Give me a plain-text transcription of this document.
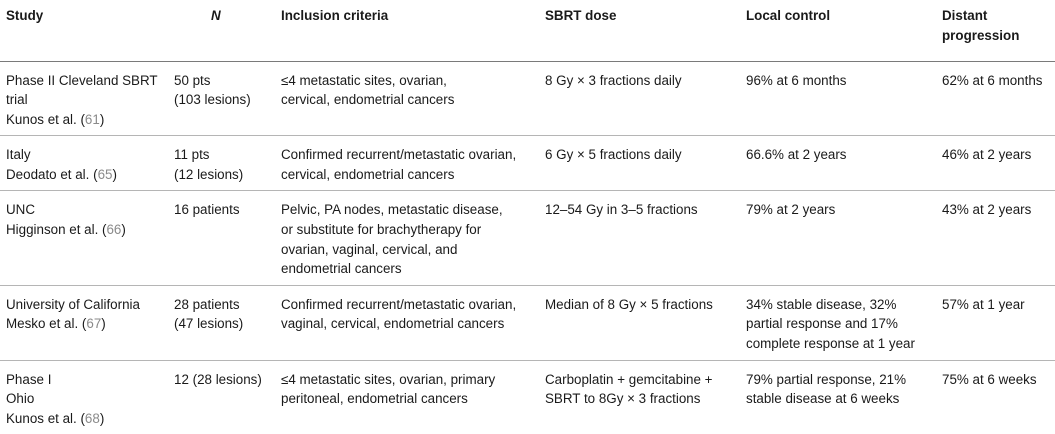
Study	N	Inclusion criteria	SBRT dose	Local control	Distant
progression

Phase II Cleveland SBRT
trial
Kunos et al. (61)	50 pts
(103 lesions)	≤4 metastatic sites, ovarian,
cervical, endometrial cancers	8 Gy × 3 fractions daily	96% at 6 months	62% at 6 months

Italy
Deodato et al. (65)	11 pts
(12 lesions)	Confirmed recurrent/metastatic ovarian,
cervical, endometrial cancers	6 Gy × 5 fractions daily	66.6% at 2 years	46% at 2 years

UNC
Higginson et al. (66)	16 patients	Pelvic, PA nodes, metastatic disease,
or substitute for brachytherapy for
ovarian, vaginal, cervical, and
endometrial cancers	12–54 Gy in 3–5 fractions	79% at 2 years	43% at 2 years

University of California
Mesko et al. (67)	28 patients
(47 lesions)	Confirmed recurrent/metastatic ovarian,
vaginal, cervical, endometrial cancers	Median of 8 Gy × 5 fractions	34% stable disease, 32%
partial response and 17%
complete response at 1 year	57% at 1 year

Phase I
Ohio
Kunos et al. (68)	12 (28 lesions)	≤4 metastatic sites, ovarian, primary
peritoneal, endometrial cancers	Carboplatin + gemcitabine +
SBRT to 8Gy × 3 fractions	79% partial response, 21%
stable disease at 6 weeks	75% at 6 weeks
